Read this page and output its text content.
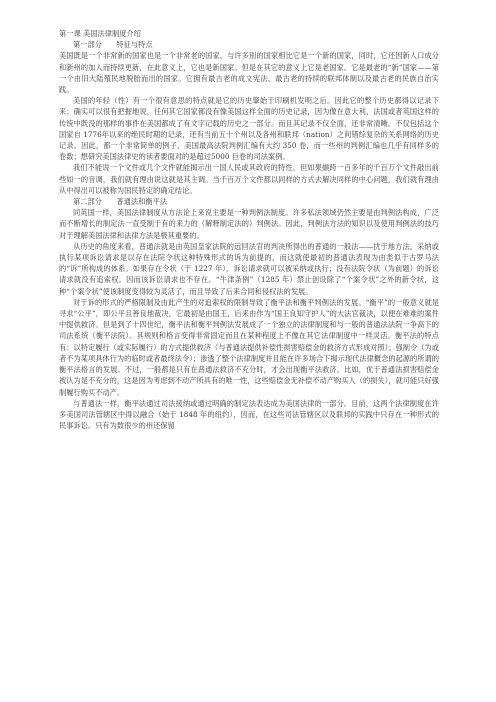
第一课 美国法律制度介绍

第一部分　　特征与特点

美国既是一个非常新的国家也是一个非常老的国家。与许多别的国家相比它是一个新的国家，同时，它还因新人口成分和新州的加入而持续更新，在此意义上，它也是新国家。但是在其它的意义上它是老国家。它是最老的“新”国家——第一个由旧大陆殖民地脱胎而出的国家。它拥有最古老的成文宪法、最古老的持续的联邦体制以及最古老的民族自治实践。

美国的年轻（性）有一个很有意思的特点就是它的历史肇始于印刷机发明之后。因此它的整个历史都得以记录下来；确实可以很有把握地说，任何其它国家都没有像美国这样全面的历史记录，因为像在意大利、法国或者英国这样的传统中既没的那样的事件在美国都成了有文字记载的历史之一部分。而且其记录不仅全面，还非常清晰。不仅包括这个国家自 1776年以来的绝民时期的记录，还有当前五十个州以及各州和联邦（nation）之间错综复杂的关系网络的历史记录。因此，都一个非常简单的例子，美国最高法院判例汇编有大约 350 卷，而一些州的判例汇编也几乎有同样多的卷数；想研究美国法律史的读者要面对的是超过5000 巨卷的司法案例。

我们不能说一个文件或几个文件就能揭示出一国人民或其政府的特性。但如果撷跨一百多年的千百万个文件敲出前些如一的音调，我们就有理由说这就是其主调。当千百万个文件都以同样的方式去解决同样的中心问题，我们就有理由从中得出可以被称为国民特定的确定结论。

第二部分　　普通法和衡平法

同英国一样，美国法律制度从方法论上来说主要是一种判例法制度。许多私法领域仍然主要是由判例法构成，广泛而不断增长的制定法一直受制于有的来力的（解释制定法的）判例法。因此，判例法方法的知识以及使用判例法的技巧对于理解美国法律和法律方法是极其重要的。

从历史的角度来看，普通法就是由英国皇家法院的远回法官的判决所得出的普通的一般法——扰于地方法。采纳或执行某项诉讼请求是以存在法院令状这种特殊形式的诉为前提的，而这就使最初的普通法表现为由类似于古罗马法的“诉”所构成的体系。如果存在令状（于 1227 年），诉讼请求就可以被采纳或执行；没有法院令状（为前题）的诉讼请求就没有追索权。因而该诉讼请求也不存在。“牛津条例”（1285 年）禁止创设除了“个案令状”之外的新令状，这种“个案令状”使该制度变得较为灵活了，而且导致了后来合同和侵权法的发展。

对于诉的形式的严格限制及由此产生的对追索权的限制导致了衡平法和衡平判例法的发展。“衡平”的一般意义就是寻求“公平”，即公平且善良地裁决，它最初是由国王，后来由作为“国王良知守护人”的大法官裁决，以便在难难的案件中提供救济。但是到了十四世纪，衡平法和衡平判例法发展成了一个独立的法律制度和与一般的普通法法院一争高下的司法系统（衡平法院）。其规则和格言变得非常固定而且在某种程度上不像在其它法律制度中一样灵活。衡平法的特点有：以特定履行（或实际履行）的方式提供救济（与普通法提供补偿性损害赔偿金的救济方式形成对照）；强制令（为或者不为某项具体行为的临时或者最终法令）；渗透了整个法律制度并且能在许多场合下揭示现代法律概念的起源的所谓的衡平法格言的发展。不过，一般都是只有在普通法救济不充分时，才会出现衡平法救济。比如，优于普通法损害赔偿金被认为是不充分的，这是因为考虑到不动产所具有的唯一性，这些赔偿金无补偿不动产购买人（的损失），就可能只好强制履行购买不动产。

与普通法一样，衡平法通过司法接纳或通过明确的制定法表达成为美国法律的一部分。目前，这两个法律制度在许多美国司法管辖区中得以融合（始于 1848 年的纽约），因而，在这些司法管辖区以及联邦的实践中只存在一种形式的民事诉讼。只有为数很少的州还保留
